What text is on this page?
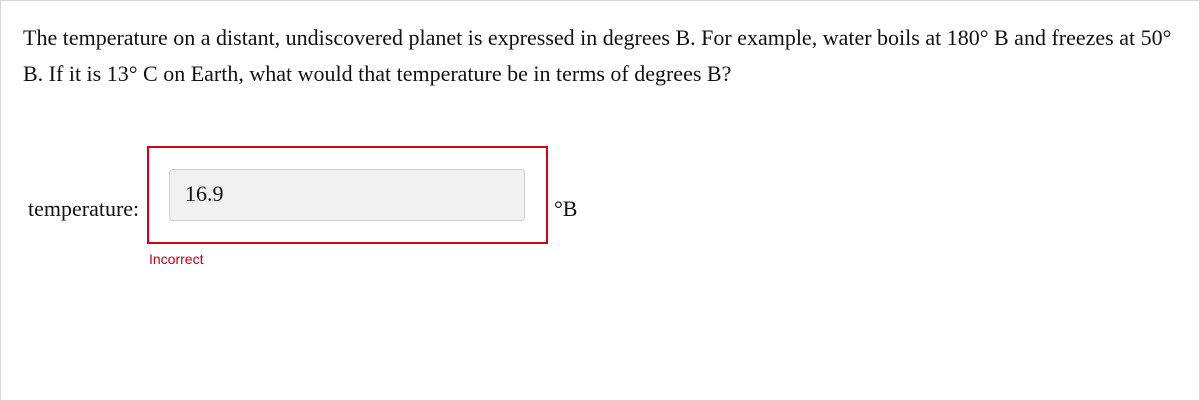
The temperature on a distant, undiscovered planet is expressed in degrees B. For example, water boils at 180° B and freezes at 50° B. If it is 13° C on Earth, what would that temperature be in terms of degrees B?
temperature:
16.9
°B
Incorrect
